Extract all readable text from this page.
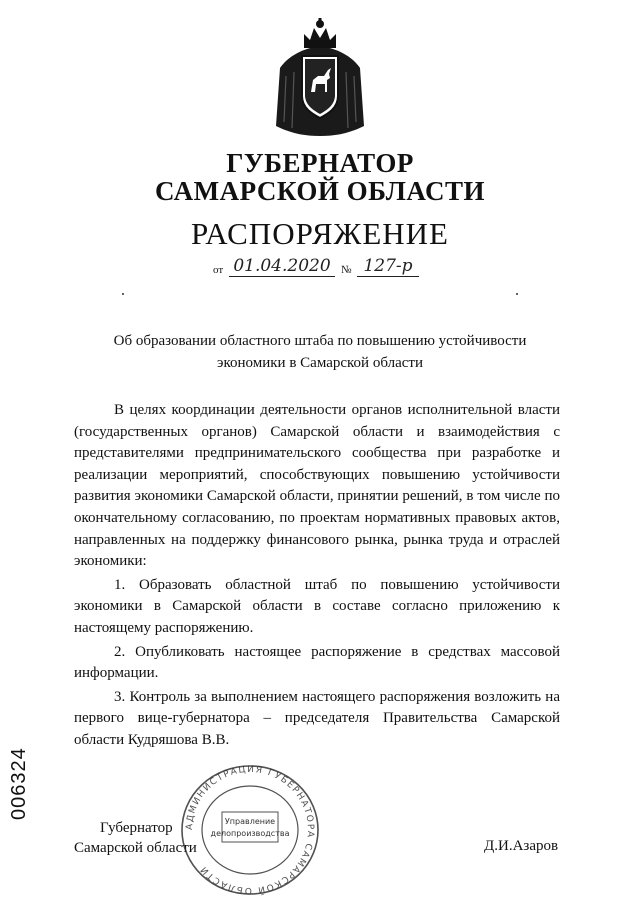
ГУБЕРНАТОР
САМАРСКОЙ ОБЛАСТИ
РАСПОРЯЖЕНИЕ
от 01.04.2020 № 127-р
Об образовании областного штаба по повышению устойчивости экономики в Самарской области

В целях координации деятельности органов исполнительной власти (государственных органов) Самарской области и взаимодействия с представителями предпринимательского сообщества при разработке и реализации мероприятий, способствующих повышению устойчивости развития экономики Самарской области, принятии решений, в том числе по окончательному согласованию, по проектам нормативных правовых актов, направленных на поддержку финансового рынка, рынка труда и отраслей экономики:

1. Образовать областной штаб по повышению устойчивости экономики в Самарской области в составе согласно приложению к настоящему распоряжению.

2. Опубликовать настоящее распоряжение в средствах массовой информации.

3. Контроль за выполнением настоящего распоряжения возложить на первого вице-губернатора – председателя Правительства Самарской области Кудряшова В.В.

Губернатор
Самарской области	Д.И.Азаров
006324
АДМИНИСТРАЦИЯ ГУБЕРНАТОРА САМАРСКОЙ ОБЛАСТИ
Управление
делопроизводства
